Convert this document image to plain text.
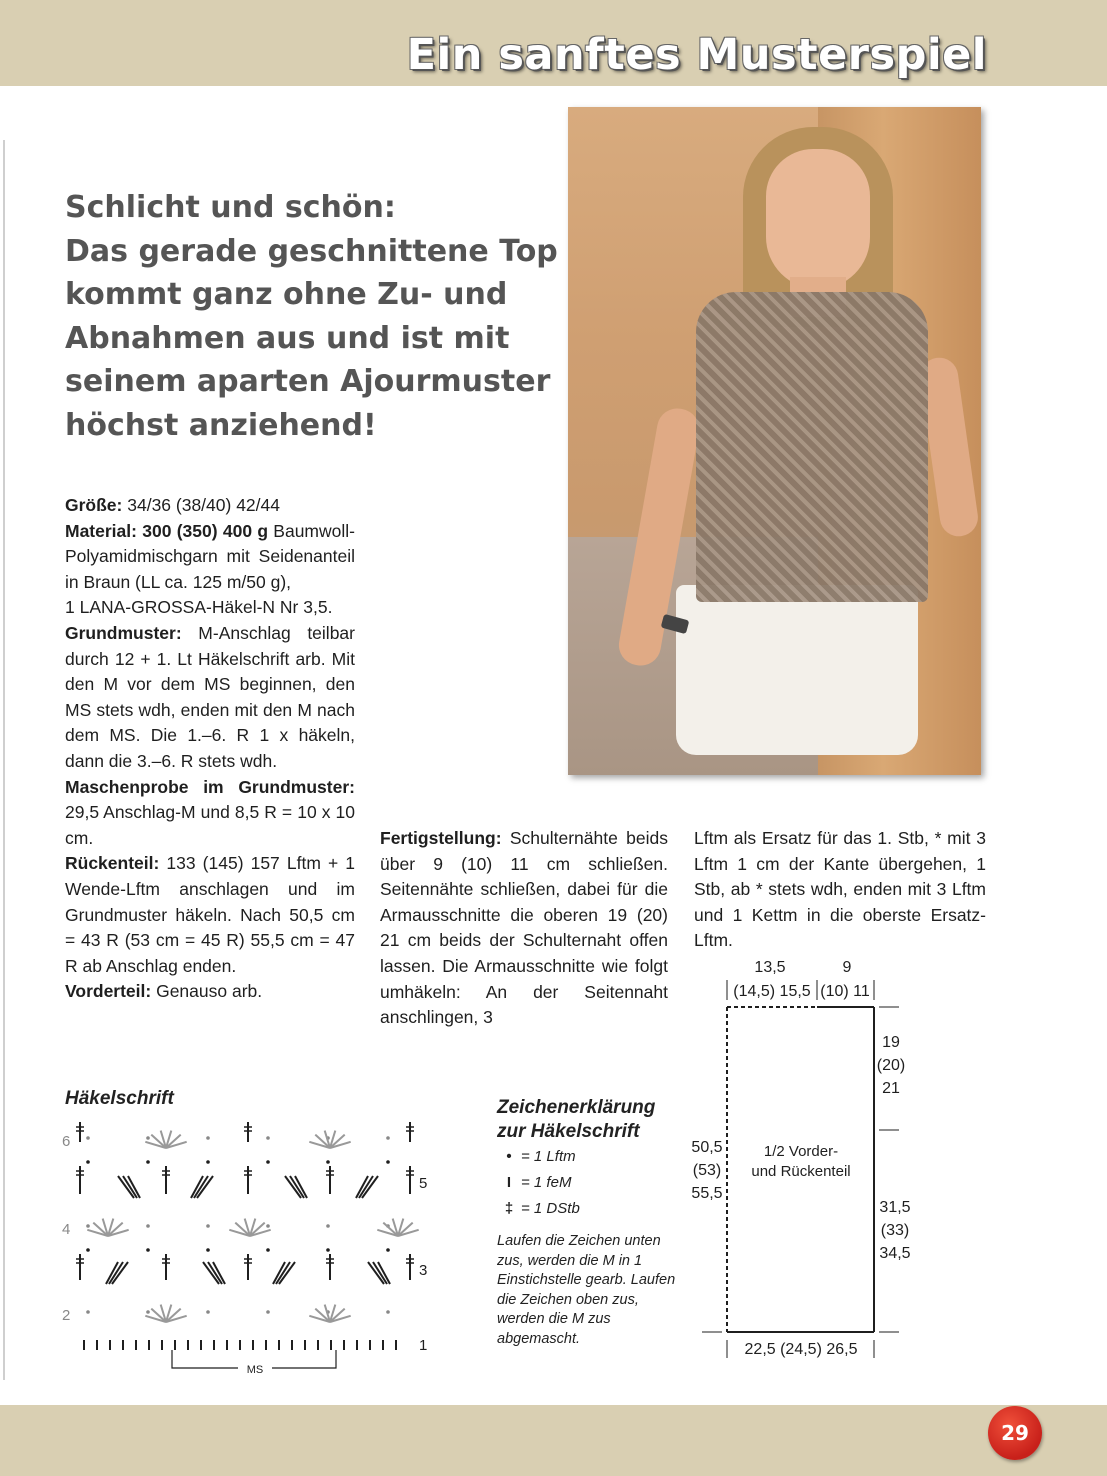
Ein sanftes Musterspiel
Schlicht und schön:
Das gerade geschnittene Top
kommt ganz ohne Zu- und
Abnahmen aus und ist mit
seinem aparten Ajourmuster
höchst anziehend!

Größe: 34/36 (38/40) 42/44

Material: 300 (350) 400 g Baumwoll-Polyamidmischgarn mit Seidenanteil in Braun (LL ca. 125 m/50 g),

1 LANA-GROSSA-Häkel-N Nr 3,5.

Grundmuster: M-Anschlag teilbar durch 12 + 1. Lt Häkelschrift arb. Mit den M vor dem MS beginnen, den MS stets wdh, enden mit den M nach dem MS. Die 1.–6. R 1 x häkeln, dann die 3.–6. R stets wdh.

Maschenprobe im Grundmuster: 29,5 Anschlag-M und 8,5 R = 10 x 10 cm.

Rückenteil: 133 (145) 157 Lftm + 1 Wende-Lftm anschlagen und im Grundmuster häkeln. Nach 50,5 cm = 43 R (53 cm = 45 R) 55,5 cm = 47 R ab Anschlag enden.

Vorderteil: Genauso arb.

Fertigstellung: Schulternähte beids über 9 (10) 11 cm schließen. Seitennähte schließen, dabei für die Armausschnitte die oberen 19 (20) 21 cm beids der Schulternaht offen lassen. Die Armausschnitte wie folgt umhäkeln: An der Seitennaht anschlingen, 3

Lftm als Ersatz für das 1. Stb, * mit 3 Lftm 1 cm der Kante übergehen, 1 Stb, ab * stets wdh, enden mit 3 Lftm und 1 Kettm in die oberste Ersatz-Lftm.

13,5	9
(14,5) 15,5 (10) 11
19
(20)
21
31,5
(33)
34,5
50,5
(53)
55,5
1/2 Vorder-
und Rückenteil
22,5 (24,5) 26,5
Häkelschrift
6
4
2
5
3
1
MS
Zeichenerklärung
zur Häkelschrift
• = 1 Lftm
I = 1 feM
‡ = 1 DStb
Laufen die Zeichen unten zus, werden die M in 1 Einstichstelle gearb. Laufen die Zeichen oben zus, werden die M zus abgemascht.
29
